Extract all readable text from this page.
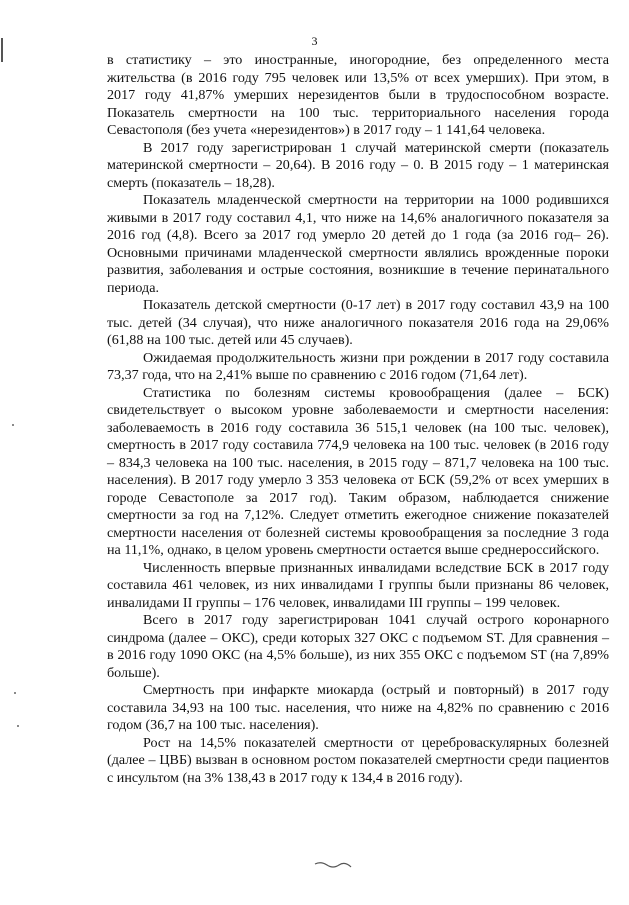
3

в статистику – это иностранные, иногородние, без определенного места жительства (в 2016 году 795 человек или 13,5% от всех умерших). При этом, в 2017 году 41,87% умерших нерезидентов были в трудоспособном возрасте. Показатель смертности на 100 тыс. территориального населения города Севастополя (без учета «нерезидентов») в 2017 году – 1 141,64 человека.

В 2017 году зарегистрирован 1 случай материнской смерти (показатель материнской смертности – 20,64). В 2016 году – 0. В 2015 году – 1 материнская смерть (показатель – 18,28).

Показатель младенческой смертности на территории на 1000 родившихся живыми в 2017 году составил 4,1, что ниже на 14,6% аналогичного показателя за 2016 год (4,8). Всего за 2017 год умерло 20 детей до 1 года (за 2016 год– 26). Основными причинами младенческой смертности являлись врожденные пороки развития, заболевания и острые состояния, возникшие в течение перинатального периода.

Показатель детской смертности (0-17 лет) в 2017 году составил 43,9 на 100 тыс. детей (34 случая), что ниже аналогичного показателя 2016 года на 29,06% (61,88 на 100 тыс. детей или 45 случаев).

Ожидаемая продолжительность жизни при рождении в 2017 году составила 73,37 года, что на 2,41% выше по сравнению с 2016 годом (71,64 лет).

Статистика по болезням системы кровообращения (далее – БСК) свидетельствует о высоком уровне заболеваемости и смертности населения: заболеваемость в 2016 году составила 36 515,1 человек (на 100 тыс. человек), смертность в 2017 году составила 774,9 человека на 100 тыс. человек (в 2016 году – 834,3 человека на 100 тыс. населения, в 2015 году – 871,7 человека на 100 тыс. населения). В 2017 году умерло 3 353 человека от БСК (59,2% от всех умерших в городе Севастополе за 2017 год). Таким образом, наблюдается снижение смертности за год на 7,12%. Следует отметить ежегодное снижение показателей смертности населения от болезней системы кровообращения за последние 3 года на 11,1%, однако, в целом уровень смертности остается выше среднероссийского.

Численность впервые признанных инвалидами вследствие БСК в 2017 году составила 461 человек, из них инвалидами I группы были признаны 86 человек, инвалидами II группы – 176 человек, инвалидами III группы – 199 человек.

Всего в 2017 году зарегистрирован 1041 случай острого коронарного синдрома (далее – ОКС), среди которых 327 ОКС с подъемом ST. Для сравнения – в 2016 году 1090 ОКС (на 4,5% больше), из них 355 ОКС с подъемом ST (на 7,89% больше).

Смертность при инфаркте миокарда (острый и повторный) в 2017 году составила 34,93 на 100 тыс. населения, что ниже на 4,82% по сравнению с 2016 годом (36,7 на 100 тыс. населения).

Рост на 14,5% показателей смертности от цереброваскулярных болезней (далее – ЦВБ) вызван в основном ростом показателей смертности среди пациентов с инсультом (на 3% 138,43 в 2017 году к 134,4 в 2016 году).
